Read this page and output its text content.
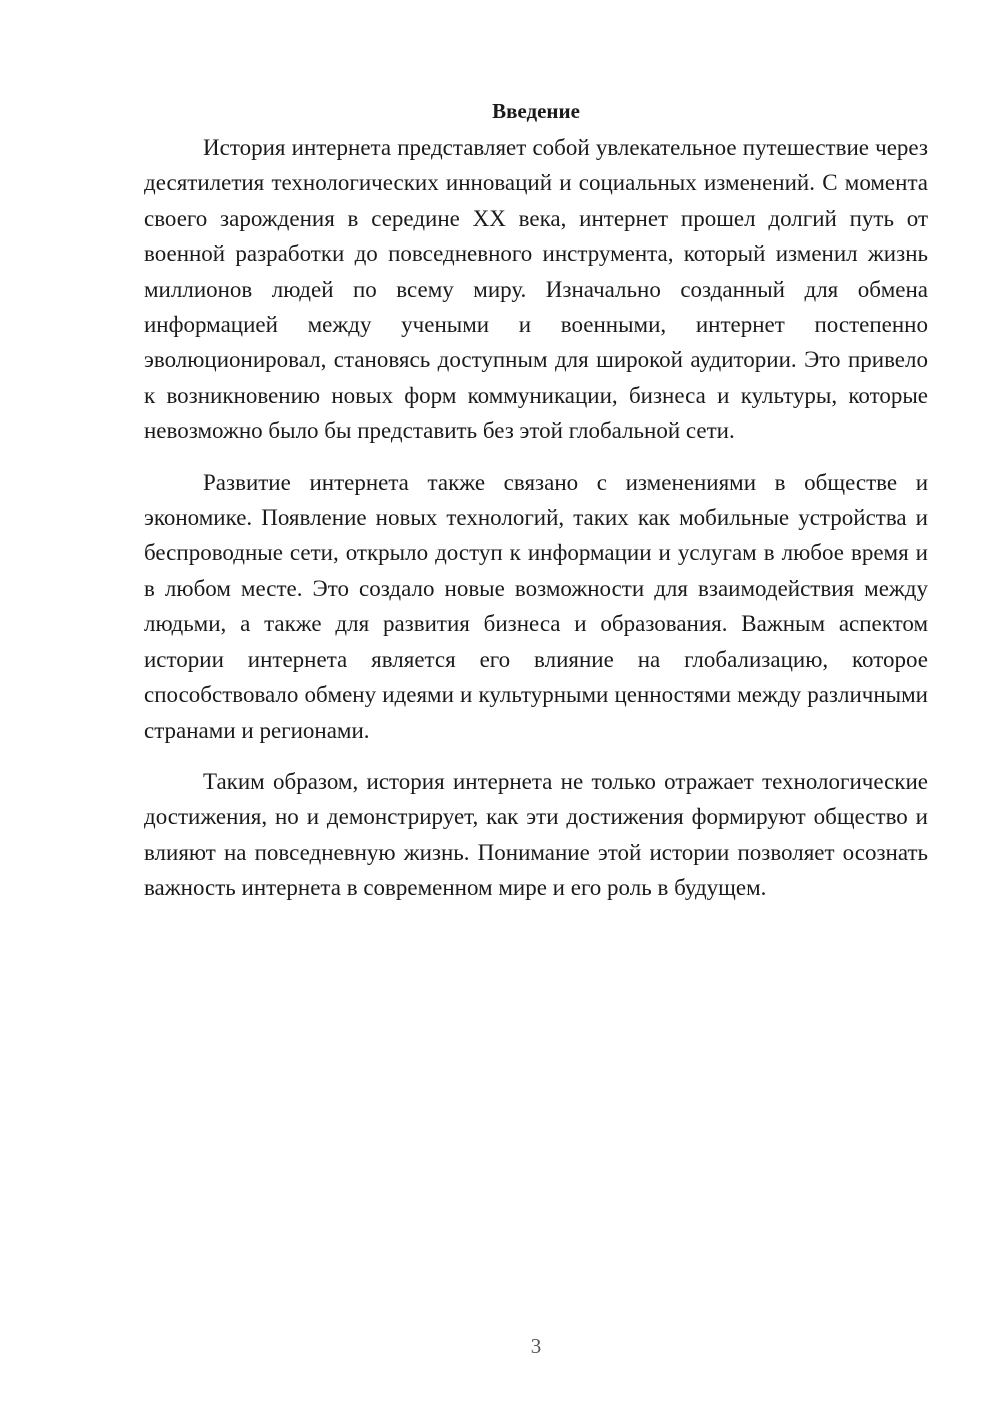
Введение

История интернета представляет собой увлекательное путешествие через десятилетия технологических инноваций и социальных изменений. С момента своего зарождения в середине XX века, интернет прошел долгий путь от военной разработки до повседневного инструмента, который изменил жизнь миллионов людей по всему миру. Изначально созданный для обмена информацией между учеными и военными, интернет постепенно эволюционировал, становясь доступным для широкой аудитории. Это привело к возникновению новых форм коммуникации, бизнеса и культуры, которые невозможно было бы представить без этой глобальной сети.

Развитие интернета также связано с изменениями в обществе и экономике. Появление новых технологий, таких как мобильные устройства и беспроводные сети, открыло доступ к информации и услугам в любое время и в любом месте. Это создало новые возможности для взаимодействия между людьми, а также для развития бизнеса и образования. Важным аспектом истории интернета является его влияние на глобализацию, которое способствовало обмену идеями и культурными ценностями между различными странами и регионами.

Таким образом, история интернета не только отражает технологические достижения, но и демонстрирует, как эти достижения формируют общество и влияют на повседневную жизнь. Понимание этой истории позволяет осознать важность интернета в современном мире и его роль в будущем.

3
